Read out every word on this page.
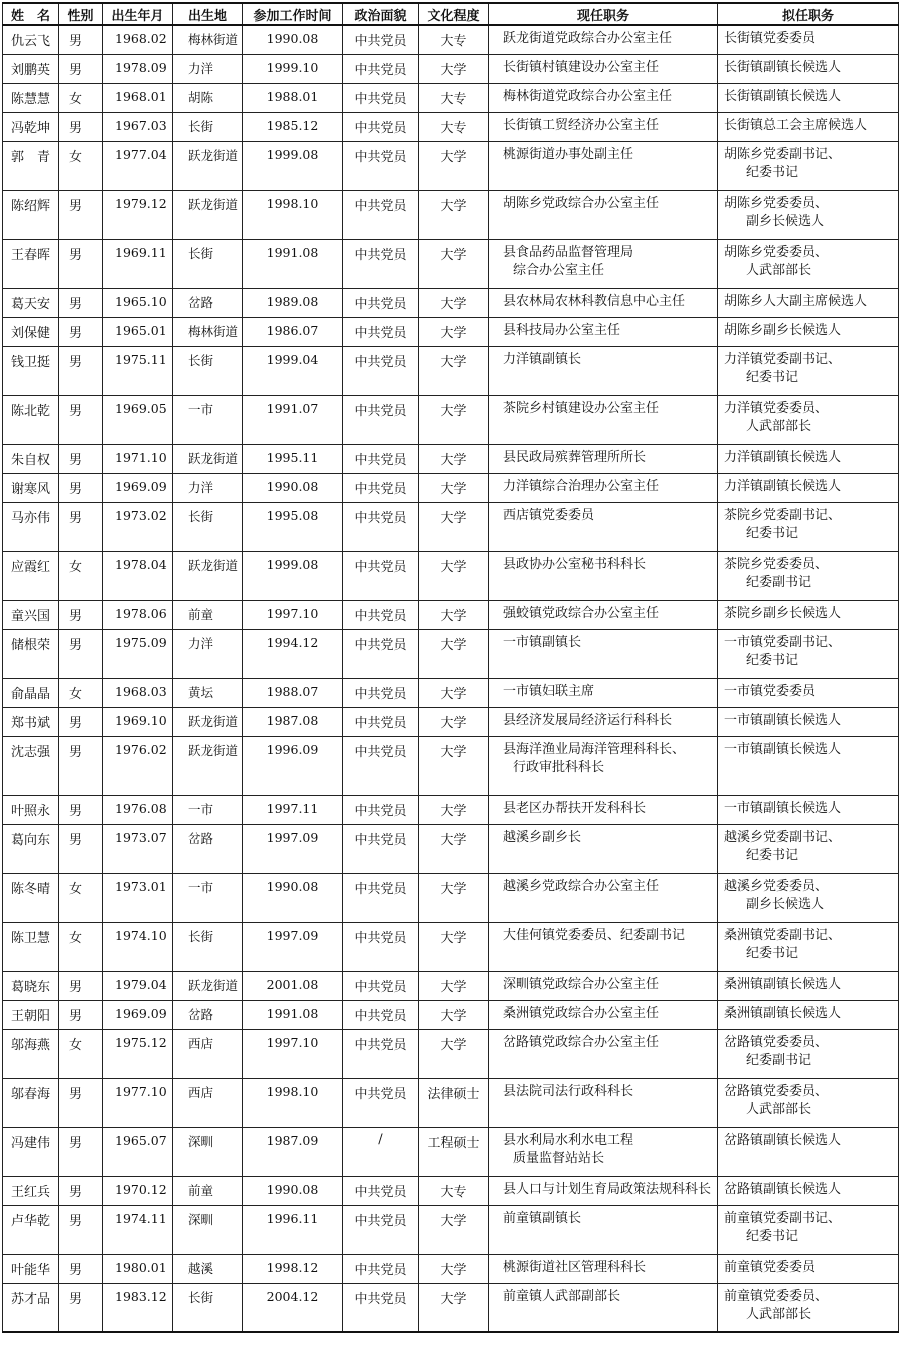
姓　名	性别	出生年月	出生地	参加工作时间	政治面貌	文化程度	现任职务	拟任职务
仇云飞	男	1968.02	梅林街道	1990.08	中共党员	大专	跃龙街道党政综合办公室主任	长街镇党委委员

刘鹏英	男	1978.09	力洋	1999.10	中共党员	大学	长街镇村镇建设办公室主任	长街镇副镇长候选人

陈慧慧	女	1968.01	胡陈	1988.01	中共党员	大专	梅林街道党政综合办公室主任	长街镇副镇长候选人

冯乾坤	男	1967.03	长街	1985.12	中共党员	大专	长街镇工贸经济办公室主任	长街镇总工会主席候选人

郭　青	女	1977.04	跃龙街道	1999.08	中共党员	大学	桃源街道办事处副主任	胡陈乡党委副书记、
纪委书记

陈绍辉	男	1979.12	跃龙街道	1998.10	中共党员	大学	胡陈乡党政综合办公室主任	胡陈乡党委委员、
副乡长候选人

王春晖	男	1969.11	长街	1991.08	中共党员	大学	县食品药品监督管理局
综合办公室主任	胡陈乡党委委员、
人武部部长

葛天安	男	1965.10	岔路	1989.08	中共党员	大学	县农林局农林科教信息中心主任	胡陈乡人大副主席候选人

刘保健	男	1965.01	梅林街道	1986.07	中共党员	大学	县科技局办公室主任	胡陈乡副乡长候选人

钱卫挺	男	1975.11	长街	1999.04	中共党员	大学	力洋镇副镇长	力洋镇党委副书记、
纪委书记

陈北乾	男	1969.05	一市	1991.07	中共党员	大学	茶院乡村镇建设办公室主任	力洋镇党委委员、
人武部部长

朱自权	男	1971.10	跃龙街道	1995.11	中共党员	大学	县民政局殡葬管理所所长	力洋镇副镇长候选人

谢寒风	男	1969.09	力洋	1990.08	中共党员	大学	力洋镇综合治理办公室主任	力洋镇副镇长候选人

马亦伟	男	1973.02	长街	1995.08	中共党员	大学	西店镇党委委员	茶院乡党委副书记、
纪委书记

应霞红	女	1978.04	跃龙街道	1999.08	中共党员	大学	县政协办公室秘书科科长	茶院乡党委委员、
纪委副书记

童兴国	男	1978.06	前童	1997.10	中共党员	大学	强蛟镇党政综合办公室主任	茶院乡副乡长候选人

储根荣	男	1975.09	力洋	1994.12	中共党员	大学	一市镇副镇长	一市镇党委副书记、
纪委书记

俞晶晶	女	1968.03	黄坛	1988.07	中共党员	大学	一市镇妇联主席	一市镇党委委员

郑书斌	男	1969.10	跃龙街道	1987.08	中共党员	大学	县经济发展局经济运行科科长	一市镇副镇长候选人

沈志强	男	1976.02	跃龙街道	1996.09	中共党员	大学	县海洋渔业局海洋管理科科长、
行政审批科科长	一市镇副镇长候选人

叶照永	男	1976.08	一市	1997.11	中共党员	大学	县老区办帮扶开发科科长	一市镇副镇长候选人

葛向东	男	1973.07	岔路	1997.09	中共党员	大学	越溪乡副乡长	越溪乡党委副书记、
纪委书记

陈冬晴	女	1973.01	一市	1990.08	中共党员	大学	越溪乡党政综合办公室主任	越溪乡党委委员、
副乡长候选人

陈卫慧	女	1974.10	长街	1997.09	中共党员	大学	大佳何镇党委委员、纪委副书记	桑洲镇党委副书记、
纪委书记

葛晓东	男	1979.04	跃龙街道	2001.08	中共党员	大学	深甽镇党政综合办公室主任	桑洲镇副镇长候选人

王朝阳	男	1969.09	岔路	1991.08	中共党员	大学	桑洲镇党政综合办公室主任	桑洲镇副镇长候选人

邬海燕	女	1975.12	西店	1997.10	中共党员	大学	岔路镇党政综合办公室主任	岔路镇党委委员、
纪委副书记

邬春海	男	1977.10	西店	1998.10	中共党员	法律硕士	县法院司法行政科科长	岔路镇党委委员、
人武部部长

冯建伟	男	1965.07	深甽	1987.09	/	工程硕士	县水利局水利水电工程
质量监督站站长	岔路镇副镇长候选人

王红兵	男	1970.12	前童	1990.08	中共党员	大专	县人口与计划生育局政策法规科科长	岔路镇副镇长候选人

卢华乾	男	1974.11	深甽	1996.11	中共党员	大学	前童镇副镇长	前童镇党委副书记、
纪委书记

叶能华	男	1980.01	越溪	1998.12	中共党员	大学	桃源街道社区管理科科长	前童镇党委委员

苏才品	男	1983.12	长街	2004.12	中共党员	大学	前童镇人武部副部长	前童镇党委委员、
人武部部长
